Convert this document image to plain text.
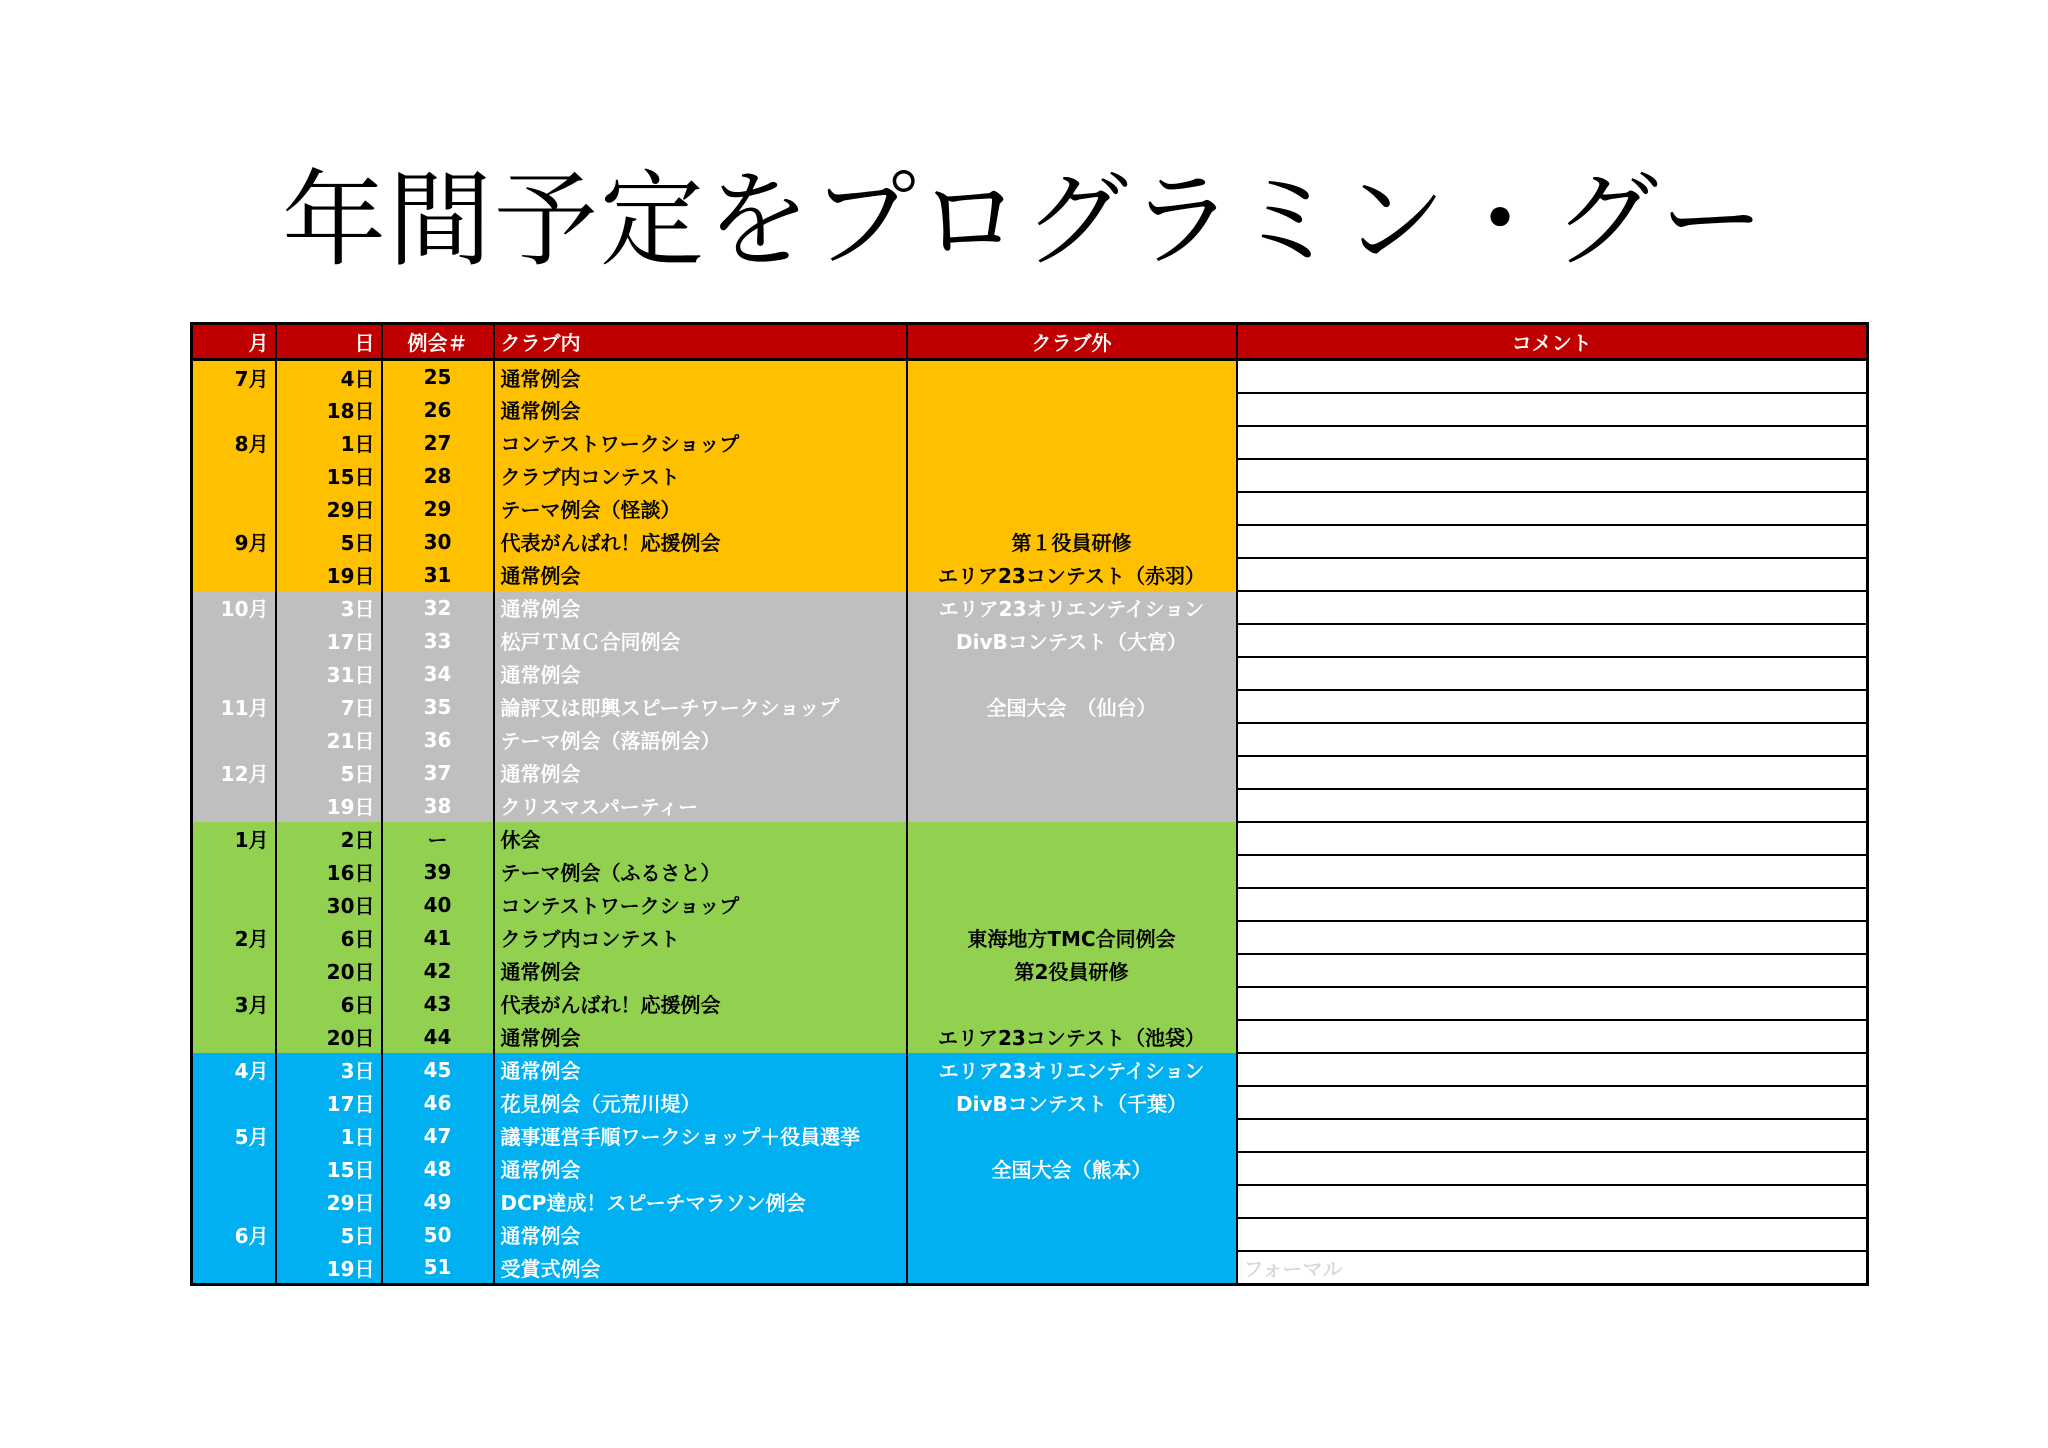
年間予定をプログラミン・グー
月	日	例会＃	クラブ内	クラブ外	コメント
7月	4日	25	通常例会		
	18日	26	通常例会		
8月	1日	27	コンテストワークショップ		
	15日	28	クラブ内コンテスト		
	29日	29	テーマ例会（怪談）		
9月	5日	30	代表がんばれ！応援例会	第１役員研修	
	19日	31	通常例会	エリア23コンテスト（赤羽）	
10月	3日	32	通常例会	エリア23オリエンテイション	
	17日	33	松戸ＴＭＣ合同例会	DivBコンテスト（大宮）	
	31日	34	通常例会		
11月	7日	35	論評又は即興スピーチワークショップ	全国大会　（仙台）	
	21日	36	テーマ例会（落語例会）		
12月	5日	37	通常例会		
	19日	38	クリスマスパーティー		
1月	2日	ー	休会		
	16日	39	テーマ例会（ふるさと）		
	30日	40	コンテストワークショップ		
2月	6日	41	クラブ内コンテスト	東海地方TMC合同例会	
	20日	42	通常例会	第2役員研修	
3月	6日	43	代表がんばれ！応援例会		
	20日	44	通常例会	エリア23コンテスト（池袋）	
4月	3日	45	通常例会	エリア23オリエンテイション	
	17日	46	花見例会（元荒川堤）	DivBコンテスト（千葉）	
5月	1日	47	議事運営手順ワークショップ＋役員選挙		
	15日	48	通常例会	全国大会（熊本）	
	29日	49	DCP達成！スピーチマラソン例会		
6月	5日	50	通常例会		
	19日	51	受賞式例会		フォーマル
